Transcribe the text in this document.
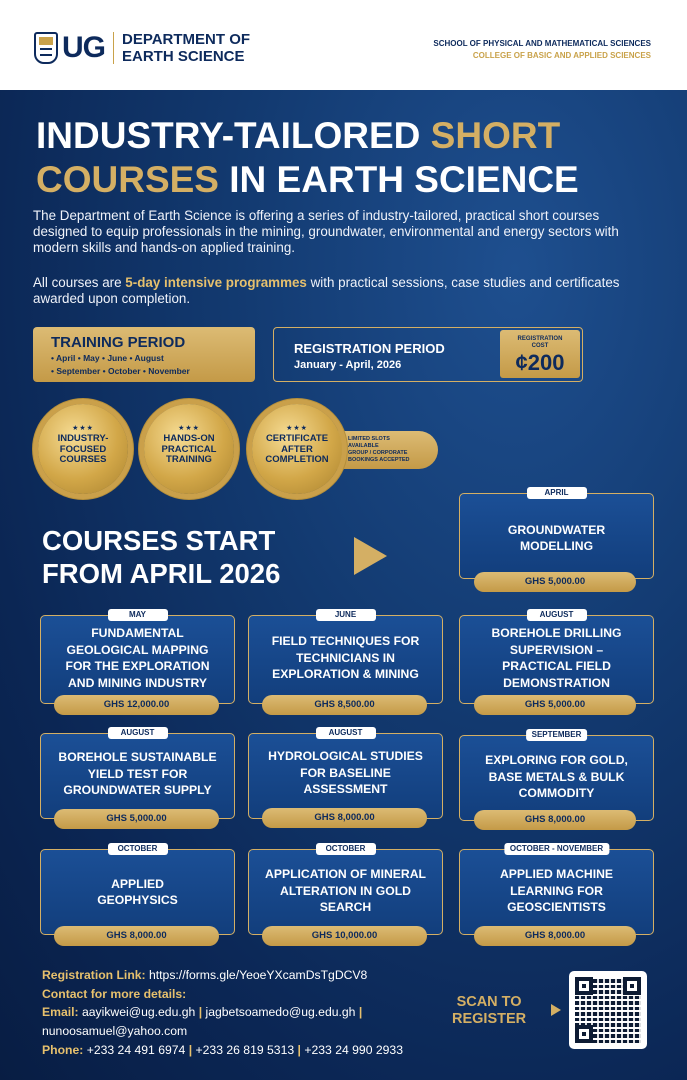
UG DEPARTMENT OF
EARTH SCIENCE
SCHOOL OF PHYSICAL AND MATHEMATICAL SCIENCES
COLLEGE OF BASIC AND APPLIED SCIENCES
INDUSTRY-TAILORED SHORT COURSES IN EARTH SCIENCE

The Department of Earth Science is offering a series of industry-tailored, practical short courses designed to equip professionals in the mining, groundwater, environmental and energy sectors with modern skills and hands-on applied training.

All courses are 5-day intensive programmes with practical sessions, case studies and certificates awarded upon completion.

TRAINING PERIOD
• April • May • June • August
• September • October • November
REGISTRATION PERIOD
January - April, 2026
REGISTRATION COST
¢200
LIMITED SLOTS
AVAILABLE
GROUP / CORPORATE
BOOKINGS ACCEPTED
★★★
INDUSTRY-
FOCUSED
COURSES
★★★
HANDS-ON
PRACTICAL
TRAINING
★★★
CERTIFICATE
AFTER
COMPLETION
COURSES START
FROM APRIL 2026
APRIL
GROUNDWATER
MODELLING
GHS 5,000.00
MAY
FUNDAMENTAL
GEOLOGICAL MAPPING
FOR THE EXPLORATION
AND MINING INDUSTRY
GHS 12,000.00
JUNE
FIELD TECHNIQUES FOR
TECHNICIANS IN
EXPLORATION & MINING
GHS 8,500.00
AUGUST
BOREHOLE DRILLING
SUPERVISION –
PRACTICAL FIELD
DEMONSTRATION
GHS 5,000.00
AUGUST
BOREHOLE SUSTAINABLE
YIELD TEST FOR
GROUNDWATER SUPPLY
GHS 5,000.00
AUGUST
HYDROLOGICAL STUDIES
FOR BASELINE
ASSESSMENT
GHS 8,000.00
SEPTEMBER
EXPLORING FOR GOLD,
BASE METALS & BULK
COMMODITY
GHS 8,000.00
OCTOBER
APPLIED
GEOPHYSICS
GHS 8,000.00
OCTOBER
APPLICATION OF MINERAL
ALTERATION IN GOLD
SEARCH
GHS 10,000.00
OCTOBER - NOVEMBER
APPLIED MACHINE
LEARNING FOR
GEOSCIENTISTS
GHS 8,000.00
Registration Link: https://forms.gle/YeoeYXcamDsTgDCV8
Contact for more details:
Email: aayikwei@ug.edu.gh | jagbetsoamedo@ug.edu.gh |
nunoosamuel@yahoo.com
Phone: +233 24 491 6974 | +233 26 819 5313 | +233 24 990 2933
SCAN TO
REGISTER
